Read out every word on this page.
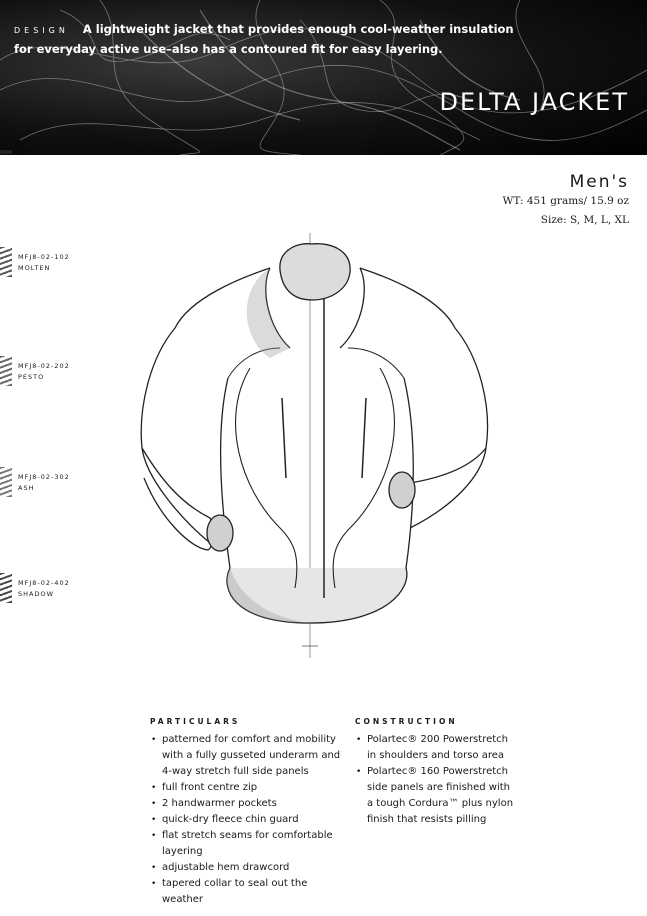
DESIGN A lightweight jacket that provides enough cool-weather insulation for everyday active use–also has a contoured fit for easy layering.
DELTA JACKET
Men's
WT: 451 grams/ 15.9 oz
Size: S, M, L, XL
MFJ8-02-102
MOLTEN
MFJ8-02-202
PESTO
MFJ8-02-302
ASH
MFJ8-02-402
SHADOW
PARTICULARS
• patterned for comfort and mobility with a fully gusseted underarm and 4-way stretch full side panels
• full front centre zip
• 2 handwarmer pockets
• quick-dry fleece chin guard
• flat stretch seams for comfortable layering
• adjustable hem drawcord
• tapered collar to seal out the weather
CONSTRUCTION
• Polartec® 200 Powerstretch in shoulders and torso area
• Polartec® 160 Powerstretch side panels are finished with a tough Cordura™ plus nylon finish that resists pilling
